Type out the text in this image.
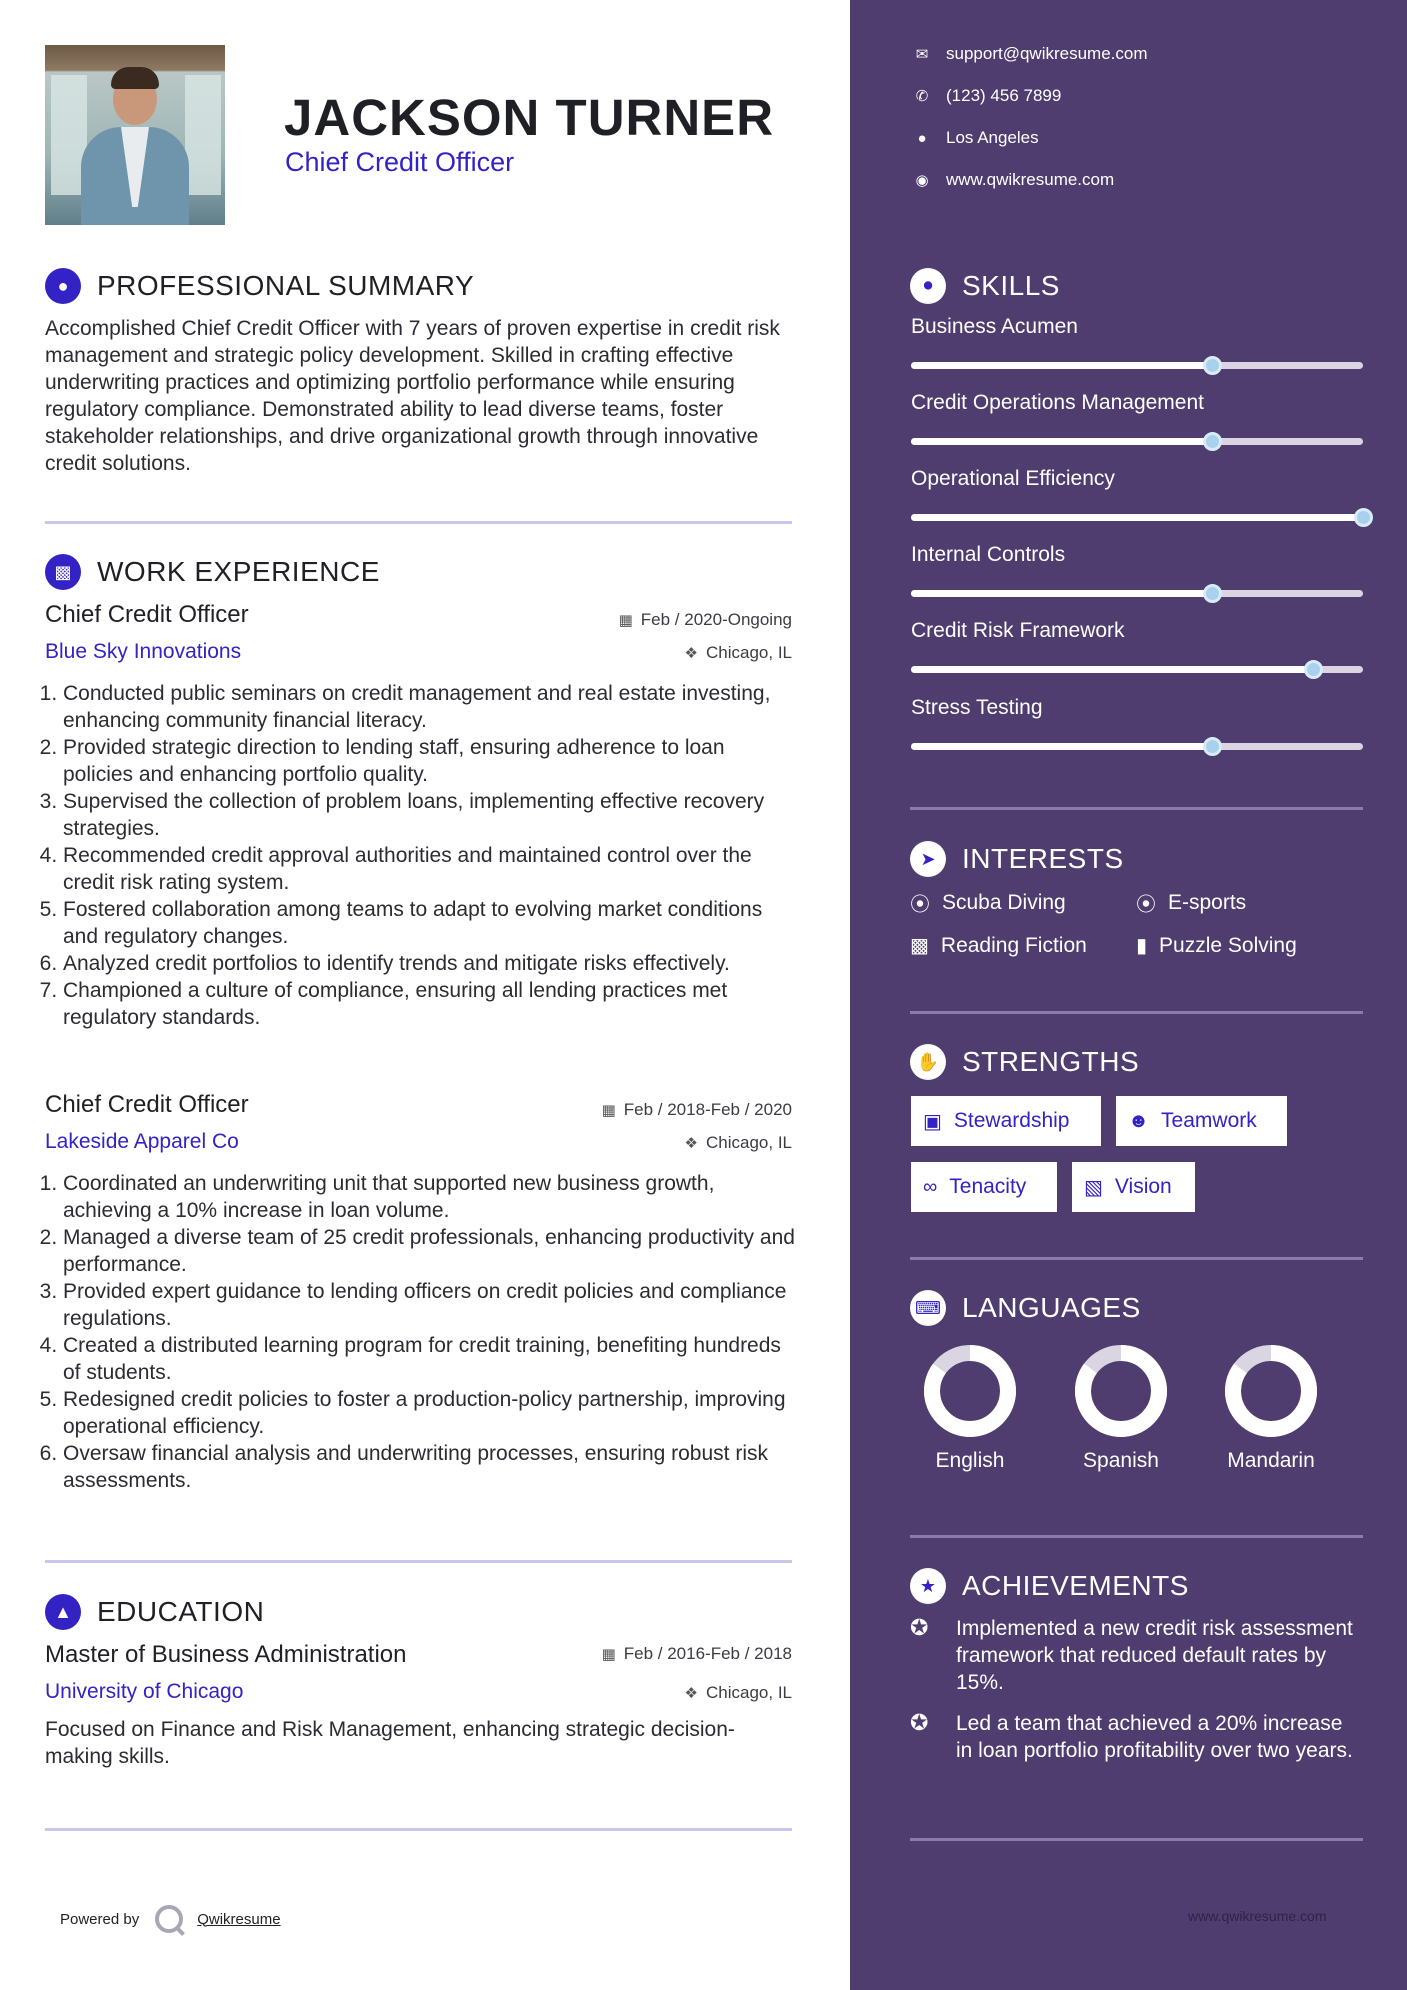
JACKSON TURNER
Chief Credit Officer
●	PROFESSIONAL SUMMARY
Accomplished Chief Credit Officer with 7 years of proven expertise in credit risk management and strategic policy development. Skilled in crafting effective underwriting practices and optimizing portfolio performance while ensuring regulatory compliance. Demonstrated ability to lead diverse teams, foster stakeholder relationships, and drive organizational growth through innovative credit solutions.
▩ WORK EXPERIENCE
Chief Credit Officer	▦ Feb / 2020-Ongoing
Blue Sky Innovations	❖ Chicago, IL
1. Conducted public seminars on credit management and real estate investing, enhancing community financial literacy.
2. Provided strategic direction to lending staff, ensuring adherence to loan policies and enhancing portfolio quality.
3. Supervised the collection of problem loans, implementing effective recovery strategies.
4. Recommended credit approval authorities and maintained control over the credit risk rating system.
5. Fostered collaboration among teams to adapt to evolving market conditions and regulatory changes.
6. Analyzed credit portfolios to identify trends and mitigate risks effectively.
7. Championed a culture of compliance, ensuring all lending practices met regulatory standards.
Chief Credit Officer	▦ Feb / 2018-Feb / 2020
Lakeside Apparel Co	❖ Chicago, IL
1. Coordinated an underwriting unit that supported new business growth, achieving a 10% increase in loan volume.
2. Managed a diverse team of 25 credit professionals, enhancing productivity and performance.
3. Provided expert guidance to lending officers on credit policies and compliance regulations.
4. Created a distributed learning program for credit training, benefiting hundreds of students.
5. Redesigned credit policies to foster a production-policy partnership, improving operational efficiency.
6. Oversaw financial analysis and underwriting processes, ensuring robust risk assessments.
▲ EDUCATION
Master of Business Administration	▦ Feb / 2016-Feb / 2018
University of Chicago	❖ Chicago, IL
Focused on Finance and Risk Management, enhancing strategic decision-making skills.
Powered by	Qwikresume
✉	support@qwikresume.com
✆	(123) 456 7899
●	Los Angeles
◉	www.qwikresume.com
⚫ SKILLS
Business Acumen
Credit Operations Management
Operational Efficiency
Internal Controls
Credit Risk Framework
Stress Testing
➤ INTERESTS
⦿ Scuba Diving	⦿ E-sports
▩ Reading Fiction ▮ Puzzle Solving
✋ STRENGTHS
▣ Stewardship	☻ Teamwork
∞ Tenacity	▧ Vision
⌨ LANGUAGES
English	Spanish	Mandarin
★ ACHIEVEMENTS
✪	Implemented a new credit risk assessment framework that reduced default rates by 15%.
✪	Led a team that achieved a 20% increase in loan portfolio profitability over two years.
www.qwikresume.com
